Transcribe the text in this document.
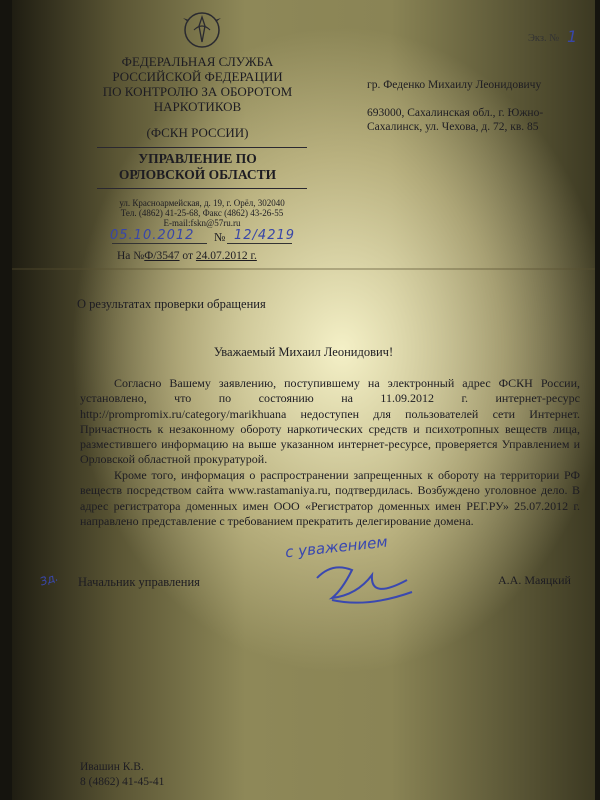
ФЕДЕРАЛЬНАЯ СЛУЖБА
РОССИЙСКОЙ ФЕДЕРАЦИИ
ПО КОНТРОЛЮ ЗА ОБОРОТОМ
НАРКОТИКОВ
(ФСКН РОССИИ)
УПРАВЛЕНИЕ ПО
ОРЛОВСКОЙ ОБЛАСТИ
ул. Красноармейская, д. 19, г. Орёл, 302040
Тел. (4862) 41-25-68, Факс (4862) 43-26-55
E-mail:fskn@57ru.ru
05.10.2012 № 12/4219
На №Ф/3547 от 24.07.2012 г.
Экз. № 1
гр. Феденко Михаилу Леонидовичу
693000, Сахалинская обл., г. Южно-
Сахалинск, ул. Чехова, д. 72, кв. 85
О результатах проверки обращения
Уважаемый Михаил Леонидович!

Согласно Вашему заявлению, поступившему на электронный адрес ФСКН России, установлено, что по состоянию на 11.09.2012 г. интернет-ресурс http://prompromix.ru/category/marikhuana недоступен для пользователей сети Интернет. Причастность к незаконному обороту наркотических средств и психотропных веществ лица, разместившего информацию на выше указанном интернет-ресурсе, проверяется Управлением и Орловской областной прокуратурой.

Кроме того, информация о распространении запрещенных к обороту на территории РФ веществ посредством сайта www.rastamaniya.ru, подтвердилась. Возбуждено уголовное дело. В адрес регистратора доменных имен ООО «Регистратор доменных имен РЕГ.РУ» 25.07.2012 г. направлено представление с требованием прекратить делегирование домена.

с уважением
Зд. Начальник управления	А.А. Маяцкий
Ивашин К.В.
8 (4862) 41-45-41
